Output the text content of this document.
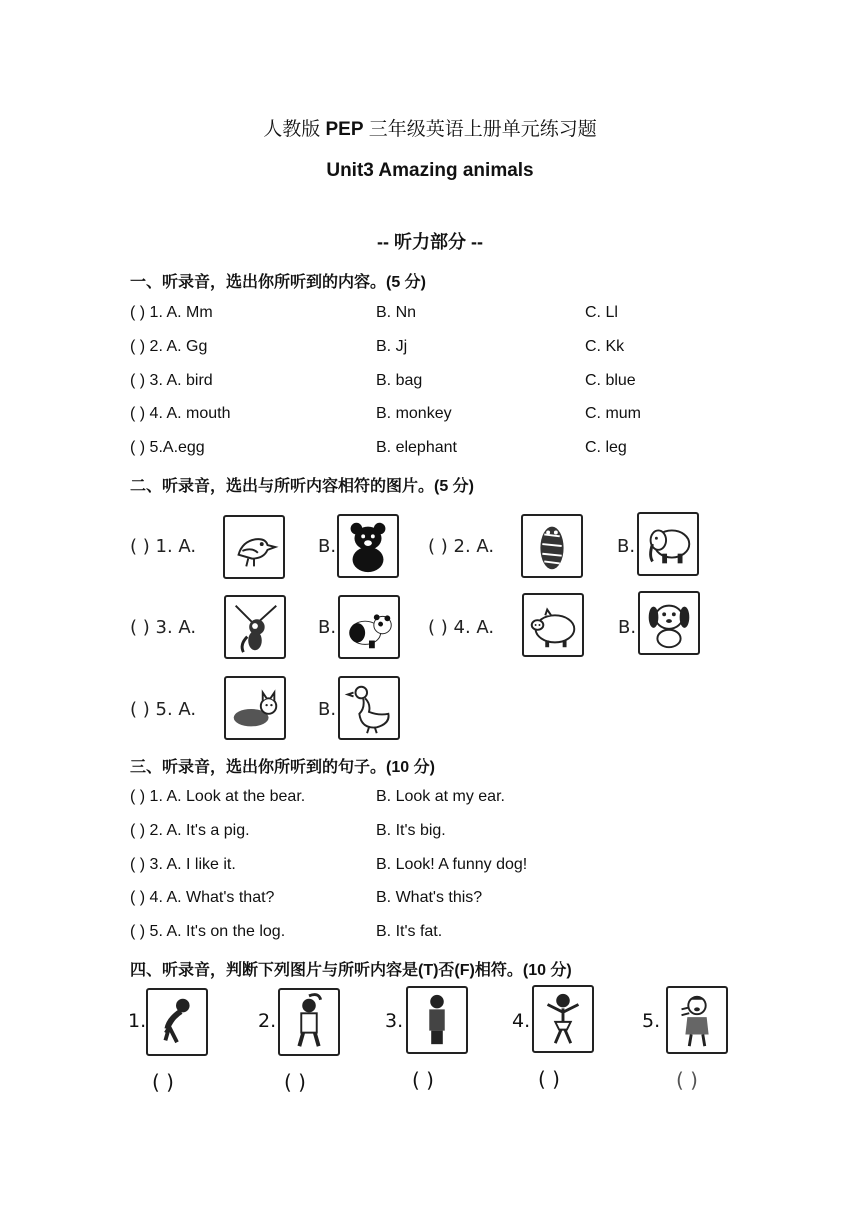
人教版 PEP 三年级英语上册单元练习题
Unit3 Amazing animals
-- 听力部分 --
一、听录音，选出你所听到的内容。(5 分)
( ) 1. A. Mm	B. Nn	C. Ll
( ) 2. A. Gg	B. Jj	C. Kk
( ) 3. A. bird	B. bag	C. blue
( ) 4. A. mouth	B. monkey	C. mum
( ) 5.A.egg	B. elephant	C. leg
二、听录音，选出与所听内容相符的图片。(5 分)
( ) 1. A.	B.	( ) 2. A.	B.
( ) 3. A.	B.	( ) 4. A.	B.
( ) 5. A.	B.
三、听录音，选出你所听到的句子。(10 分)
( ) 1. A. Look at the bear.	B. Look at my ear.
( ) 2. A. It's a pig.	B. It's big.
( ) 3. A. I like it.	B. Look! A funny dog!
( ) 4. A. What's that?	B. What's this?
( ) 5. A. It's on the log.	B. It's fat.
四、听录音，判断下列图片与所听内容是(T)否(F)相符。(10 分)
1.
( )
2.
( )
3.
( )
4.
( )
5.
( )
